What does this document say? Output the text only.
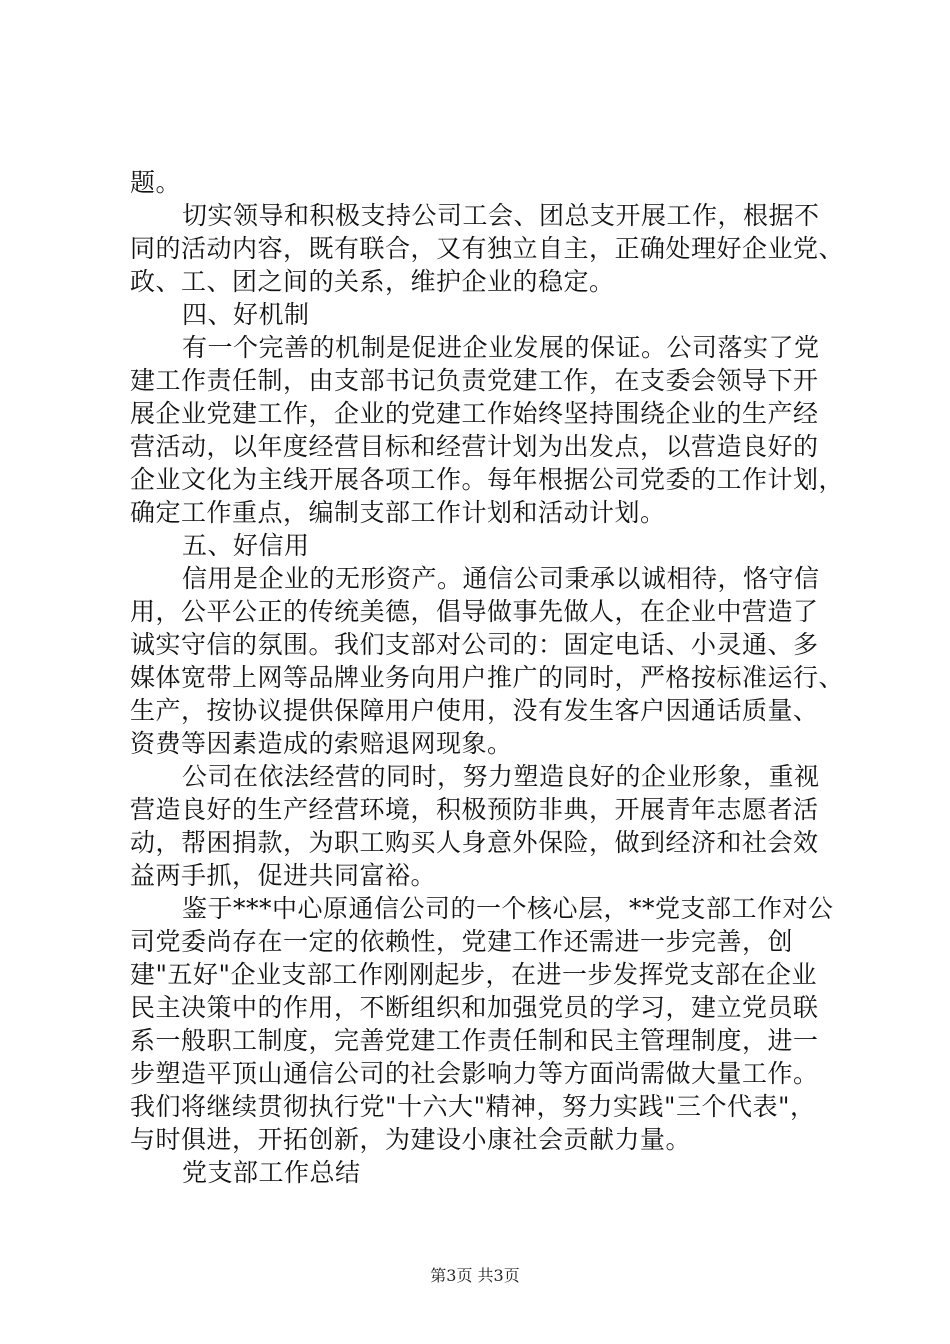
题。
切实领导和积极支持公司工会、团总支开展工作，根据不
同的活动内容，既有联合，又有独立自主，正确处理好企业党、
政、工、团之间的关系，维护企业的稳定。
四、好机制
有一个完善的机制是促进企业发展的保证。公司落实了党
建工作责任制，由支部书记负责党建工作，在支委会领导下开
展企业党建工作，企业的党建工作始终坚持围绕企业的生产经
营活动，以年度经营目标和经营计划为出发点，以营造良好的
企业文化为主线开展各项工作。每年根据公司党委的工作计划，
确定工作重点，编制支部工作计划和活动计划。
五、好信用
信用是企业的无形资产。通信公司秉承以诚相待，恪守信
用，公平公正的传统美德，倡导做事先做人，在企业中营造了
诚实守信的氛围。我们支部对公司的：固定电话、小灵通、多
媒体宽带上网等品牌业务向用户推广的同时，严格按标准运行、
生产，按协议提供保障用户使用，没有发生客户因通话质量、
资费等因素造成的索赔退网现象。
公司在依法经营的同时，努力塑造良好的企业形象，重视
营造良好的生产经营环境，积极预防非典，开展青年志愿者活
动，帮困捐款，为职工购买人身意外保险，做到经济和社会效
益两手抓，促进共同富裕。
鉴于***中心原通信公司的一个核心层，**党支部工作对公
司党委尚存在一定的依赖性，党建工作还需进一步完善，创
建"五好"企业支部工作刚刚起步，在进一步发挥党支部在企业
民主决策中的作用，不断组织和加强党员的学习，建立党员联
系一般职工制度，完善党建工作责任制和民主管理制度，进一
步塑造平顶山通信公司的社会影响力等方面尚需做大量工作。
我们将继续贯彻执行党"十六大"精神，努力实践"三个代表"，
与时俱进，开拓创新，为建设小康社会贡献力量。
党支部工作总结
第3页 共3页
